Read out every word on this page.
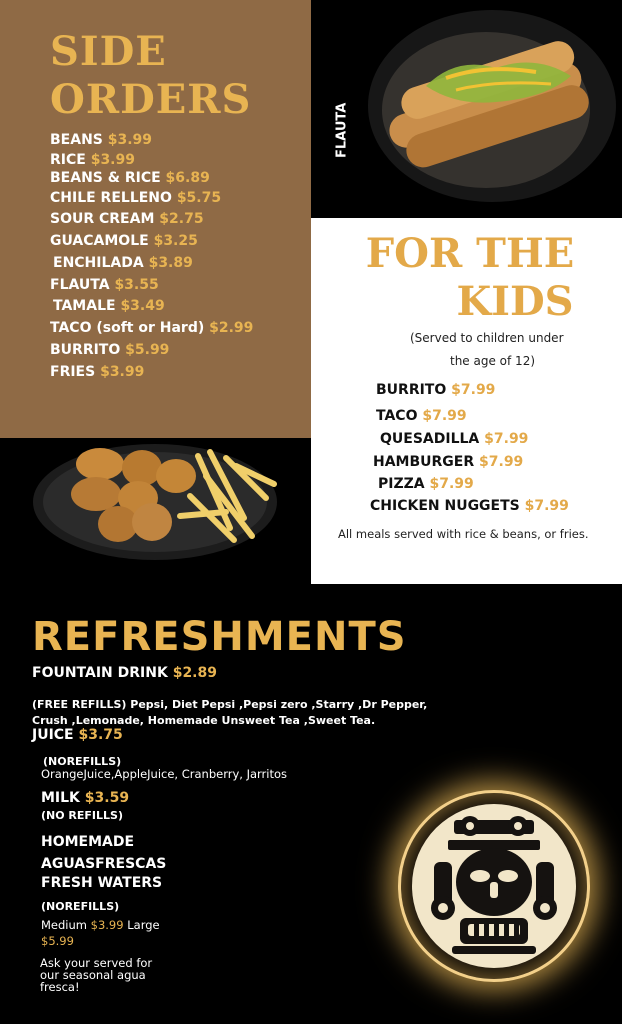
SIDE ORDERS
BEANS $3.99
RICE $3.99
BEANS & RICE $6.89
CHILE RELLENO $5.75
SOUR CREAM $2.75
GUACAMOLE $3.25
ENCHILADA $3.89
FLAUTA $3.55
TAMALE $3.49
TACO (soft or Hard) $2.99
BURRITO $5.99
FRIES $3.99
FLAUTA
FOR THE
KIDS
(Served to children under
the age of 12)
BURRITO $7.99
TACO $7.99
QUESADILLA $7.99
HAMBURGER $7.99
PIZZA $7.99
CHICKEN NUGGETS $7.99
All meals served with rice & beans, or fries.
REFRESHMENTS
FOUNTAIN DRINK $2.89
(FREE REFILLS) Pepsi, Diet Pepsi ,Pepsi zero ,Starry ,Dr Pepper,
Crush ,Lemonade, Homemade Unsweet Tea ,Sweet Tea.
JUICE $3.75
(NOREFILLS)
OrangeJuice,AppleJuice, Cranberry, Jarritos
MILK $3.59
(NO REFILLS)
HOMEMADE
AGUASFRESCAS
FRESH WATERS
(NOREFILLS)
Medium $3.99 Large
$5.99
Ask your served for
our seasonal agua
fresca!
